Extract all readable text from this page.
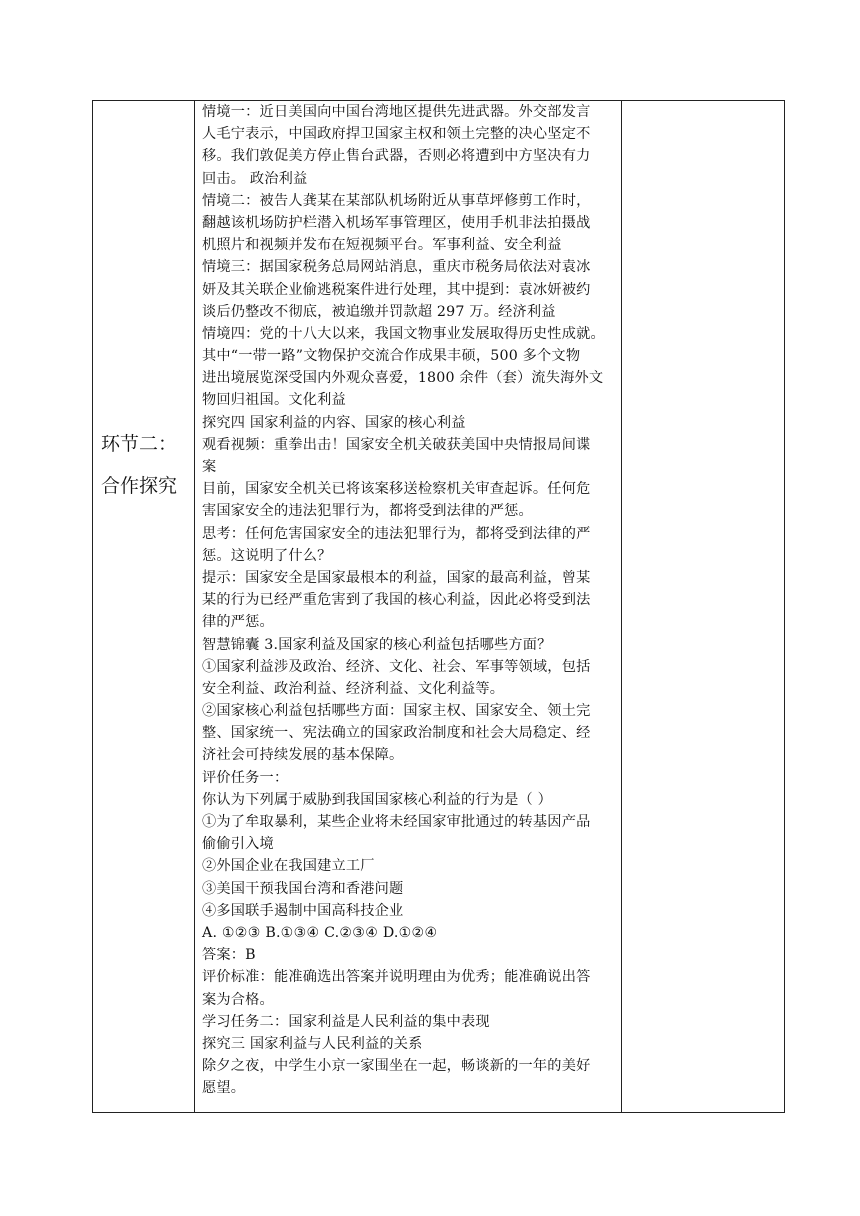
环节二：
合作探究
情境一：近日美国向中国台湾地区提供先进武器。外交部发言
人毛宁表示，中国政府捍卫国家主权和领土完整的决心坚定不
移。我们敦促美方停止售台武器，否则必将遭到中方坚决有力
回击。 政治利益
情境二：被告人龚某在某部队机场附近从事草坪修剪工作时，
翻越该机场防护栏潜入机场军事管理区，使用手机非法拍摄战
机照片和视频并发布在短视频平台。军事利益、安全利益
情境三：据国家税务总局网站消息，重庆市税务局依法对袁冰
妍及其关联企业偷逃税案件进行处理，其中提到：袁冰妍被约
谈后仍整改不彻底，被追缴并罚款超 297 万。经济利益
情境四：党的十八大以来，我国文物事业发展取得历史性成就。
其中“一带一路”文物保护交流合作成果丰硕，500 多个文物
进出境展览深受国内外观众喜爱，1800 余件（套）流失海外文
物回归祖国。文化利益
探究四 国家利益的内容、国家的核心利益
观看视频：重拳出击！国家安全机关破获美国中央情报局间谍
案
目前，国家安全机关已将该案移送检察机关审查起诉。任何危
害国家安全的违法犯罪行为，都将受到法律的严惩。
思考：任何危害国家安全的违法犯罪行为，都将受到法律的严
惩。这说明了什么？
提示：国家安全是国家最根本的利益，国家的最高利益，曾某
某的行为已经严重危害到了我国的核心利益，因此必将受到法
律的严惩。
智慧锦囊 3.国家利益及国家的核心利益包括哪些方面？
①国家利益涉及政治、经济、文化、社会、军事等领域，包括
安全利益、政治利益、经济利益、文化利益等。
②国家核心利益包括哪些方面：国家主权、国家安全、领土完
整、国家统一、宪法确立的国家政治制度和社会大局稳定、经
济社会可持续发展的基本保障。
评价任务一：
你认为下列属于威胁到我国国家核心利益的行为是（ ）
①为了牟取暴利，某些企业将未经国家审批通过的转基因产品
偷偷引入境
②外国企业在我国建立工厂
③美国干预我国台湾和香港问题
④多国联手遏制中国高科技企业
A. ①②③ B.①③④ C.②③④ D.①②④
答案：B
评价标准：能准确选出答案并说明理由为优秀；能准确说出答
案为合格。
学习任务二：国家利益是人民利益的集中表现
探究三 国家利益与人民利益的关系
除夕之夜，中学生小京一家围坐在一起，畅谈新的一年的美好
愿望。
